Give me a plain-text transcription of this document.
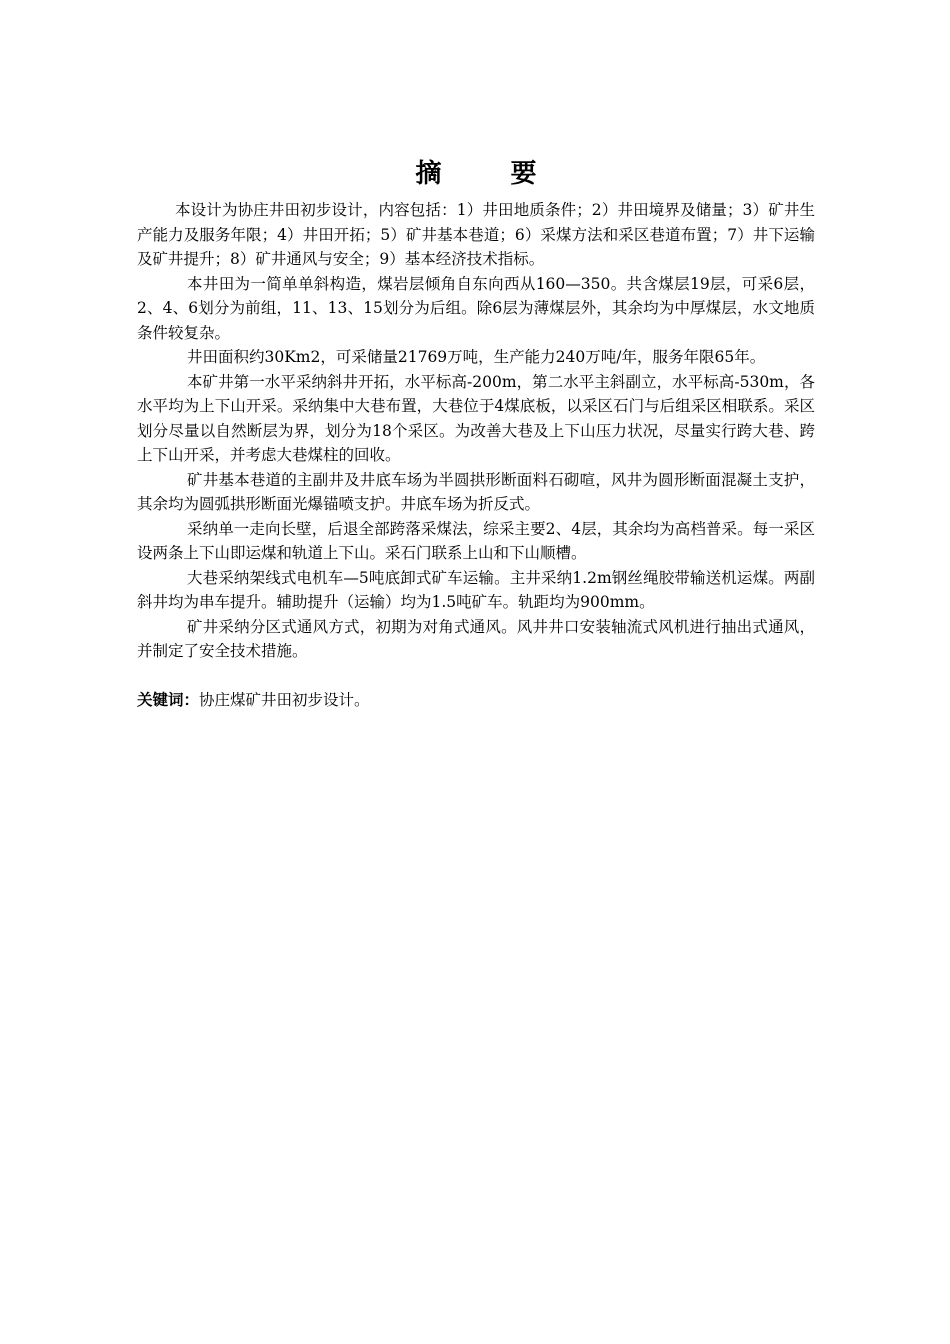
摘 要

本设计为协庄井田初步设计，内容包括：1）井田地质条件；2）井田境界及储量；3）矿井生产能力及服务年限；4）井田开拓；5）矿井基本巷道；6）采煤方法和采区巷道布置；7）井下运输及矿井提升；8）矿井通风与安全；9）基本经济技术指标。

本井田为一简单单斜构造，煤岩层倾角自东向西从160—350。共含煤层19层，可采6层，2、4、6划分为前组，11、13、15划分为后组。除6层为薄煤层外，其余均为中厚煤层，水文地质条件较复杂。

井田面积约30Km2，可采储量21769万吨，生产能力240万吨/年，服务年限65年。

本矿井第一水平采纳斜井开拓，水平标高-200m，第二水平主斜副立，水平标高-530m，各水平均为上下山开采。采纳集中大巷布置，大巷位于4煤底板，以采区石门与后组采区相联系。采区划分尽量以自然断层为界，划分为18个采区。为改善大巷及上下山压力状况，尽量实行跨大巷、跨上下山开采，并考虑大巷煤柱的回收。

矿井基本巷道的主副井及井底车场为半圆拱形断面料石砌喧，风井为圆形断面混凝土支护，其余均为圆弧拱形断面光爆锚喷支护。井底车场为折反式。

采纳单一走向长壁，后退全部跨落采煤法，综采主要2、4层，其余均为高档普采。每一采区设两条上下山即运煤和轨道上下山。采石门联系上山和下山顺槽。

大巷采纳架线式电机车—5吨底卸式矿车运输。主井采纳1.2m钢丝绳胶带输送机运煤。两副斜井均为串车提升。辅助提升（运输）均为1.5吨矿车。轨距均为900mm。

矿井采纳分区式通风方式，初期为对角式通风。风井井口安装轴流式风机进行抽出式通风，并制定了安全技术措施。

关键词：协庄煤矿井田初步设计。
